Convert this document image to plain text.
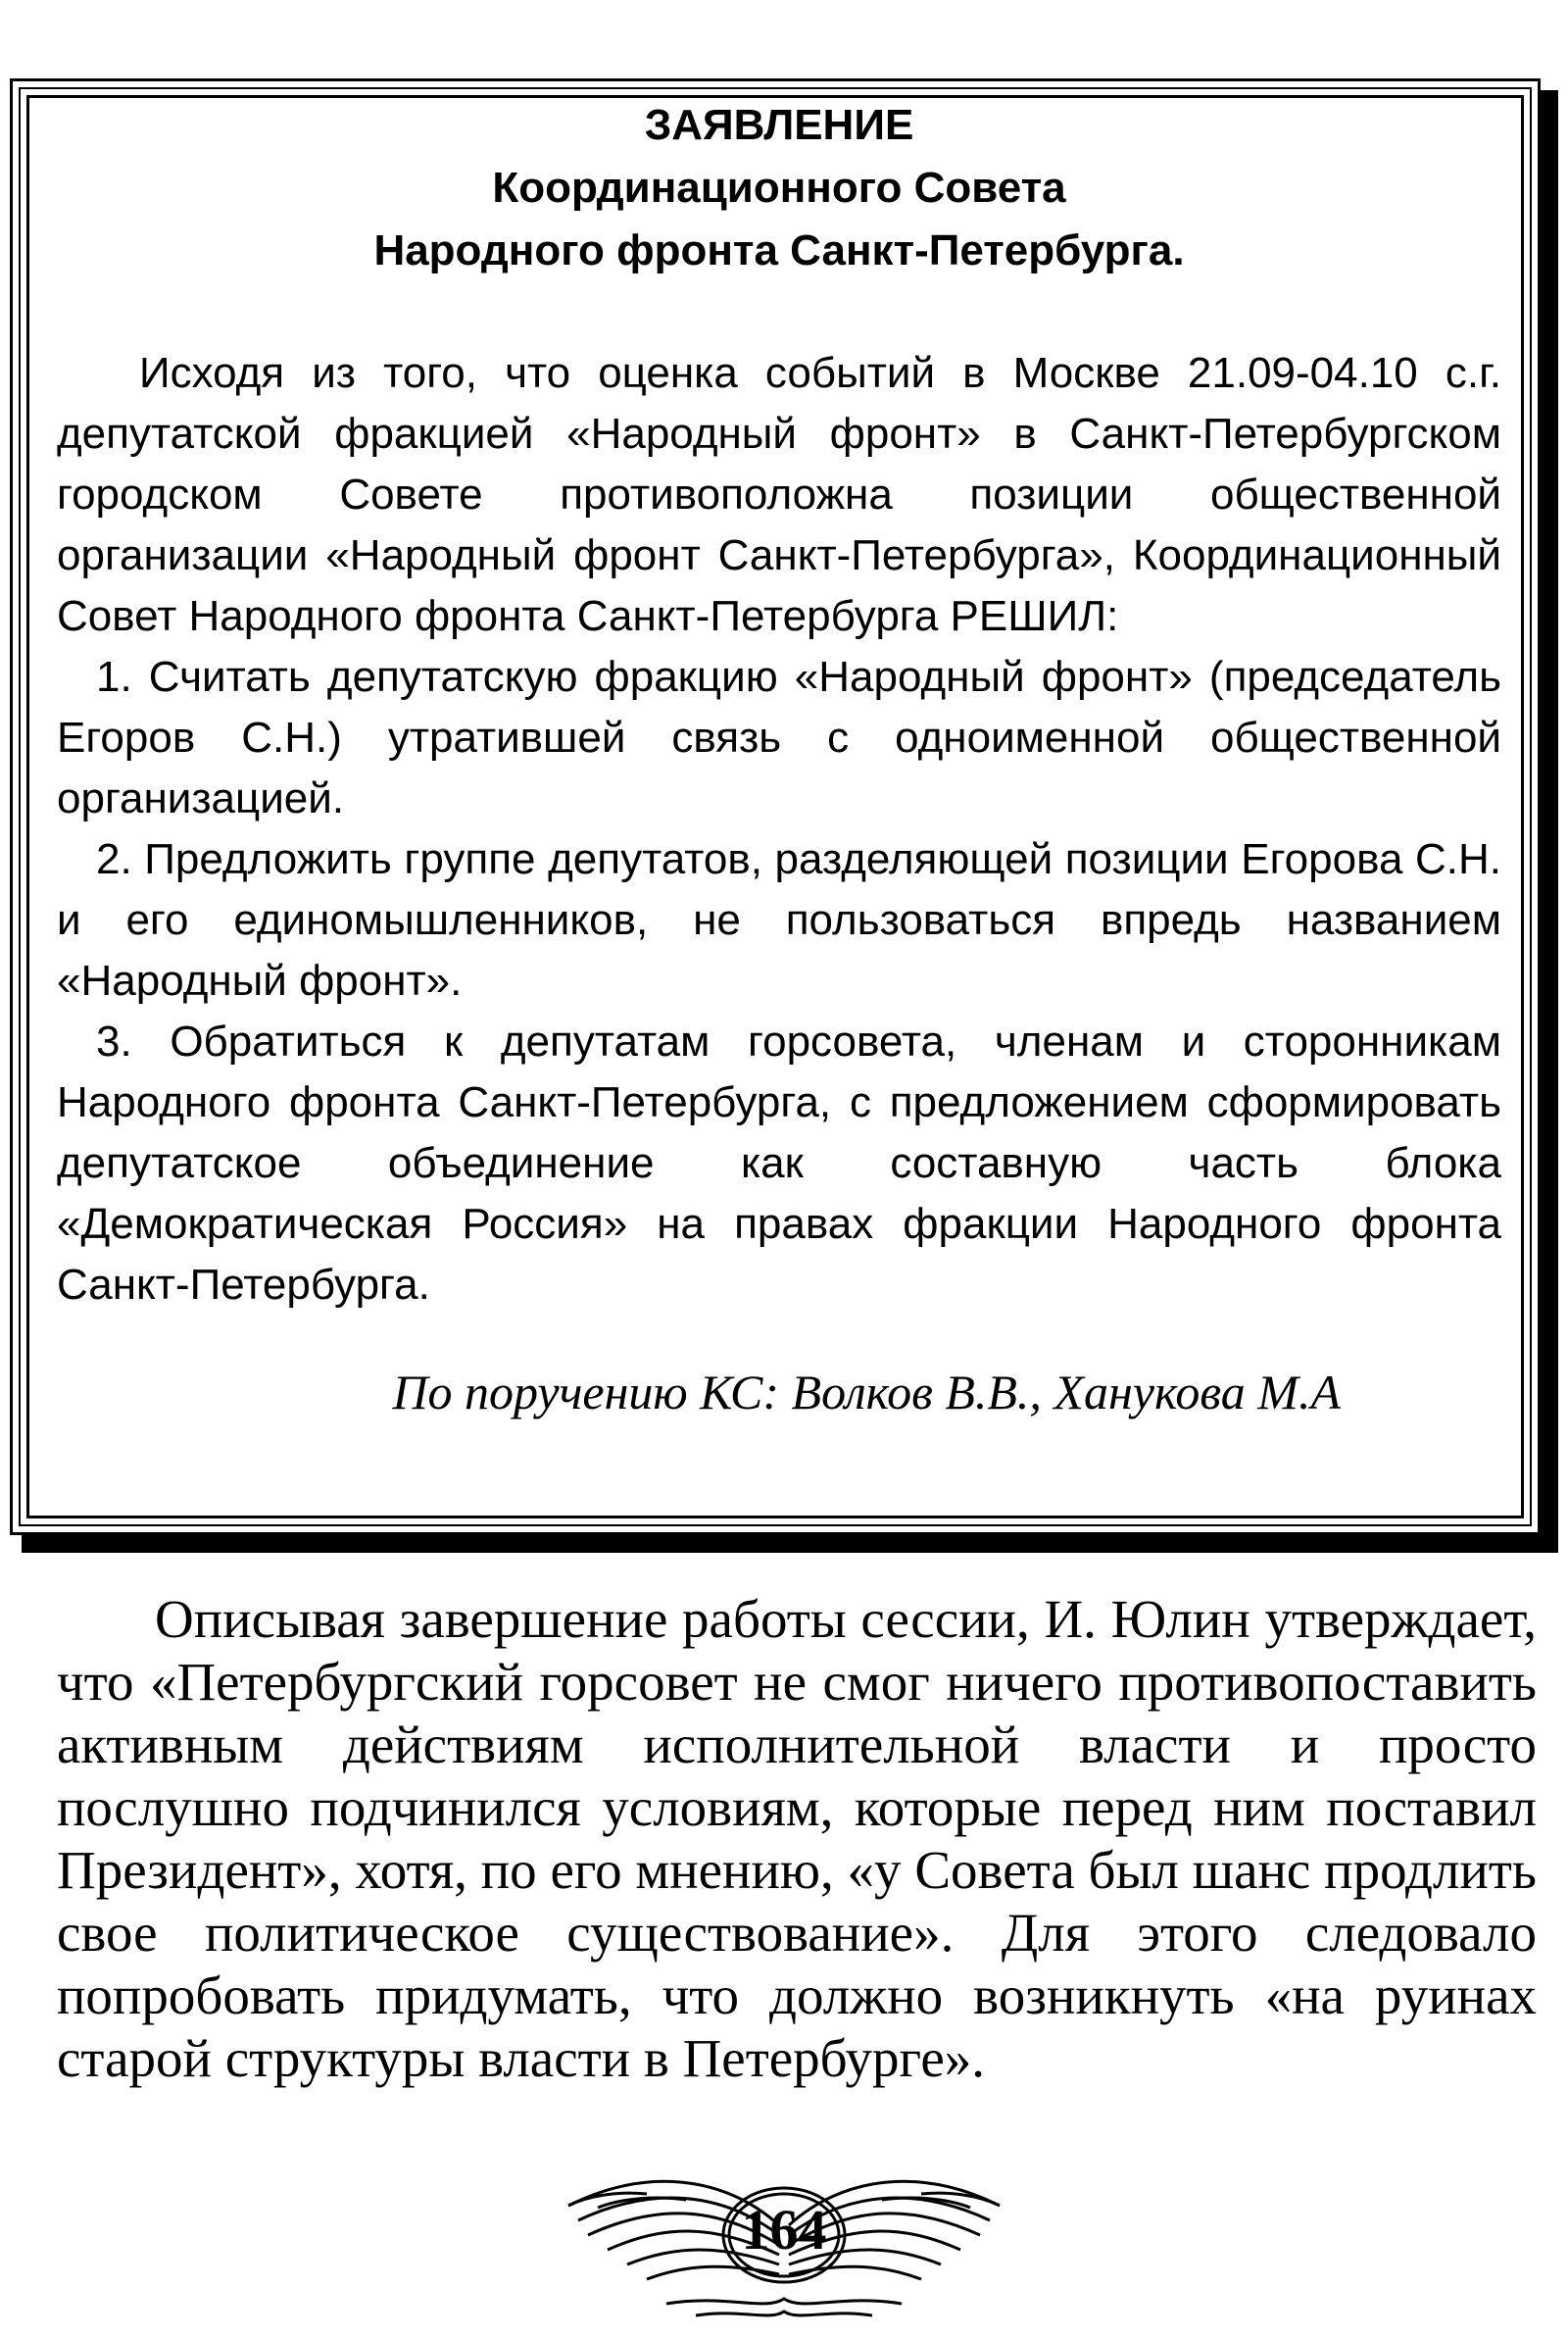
ЗАЯВЛЕНИЕ
Координационного Совета
Народного фронта Санкт-Петербурга.

Исходя из того, что оценка событий в Москве 21.09-04.10 с.г. депутатской фракцией «Народный фронт» в Санкт-Петербургском городском Совете противоположна позиции общественной организации «Народный фронт Санкт-Петербурга», Координационный Совет Народного фронта Санкт-Петербурга РЕШИЛ:

1. Считать депутатскую фракцию «Народный фронт» (председатель Егоров С.Н.) утратившей связь с одноименной общественной организацией.

2. Предложить группе депутатов, разделяющей позиции Егорова С.Н. и его единомышленников, не пользоваться впредь названием «Народный фронт».

3. Обратиться к депутатам горсовета, членам и сторонникам Народного фронта Санкт-Петербурга, с предложением сформировать депутатское объединение как составную часть блока «Демократическая Россия» на правах фракции Народного фронта Санкт-Петербурга.

По поручению КС: Волков В.В., Ханукова М.А

Описывая завершение работы сессии, И. Юлин утверждает, что «Петербургский горсовет не смог ничего противопоставить активным действиям исполнительной власти и просто послушно подчинился условиям, которые перед ним поставил Президент», хотя, по его мнению, «у Совета был шанс продлить свое политическое существование». Для этого следовало попробовать придумать, что должно возникнуть «на руинах старой структуры власти в Петербурге».

164
